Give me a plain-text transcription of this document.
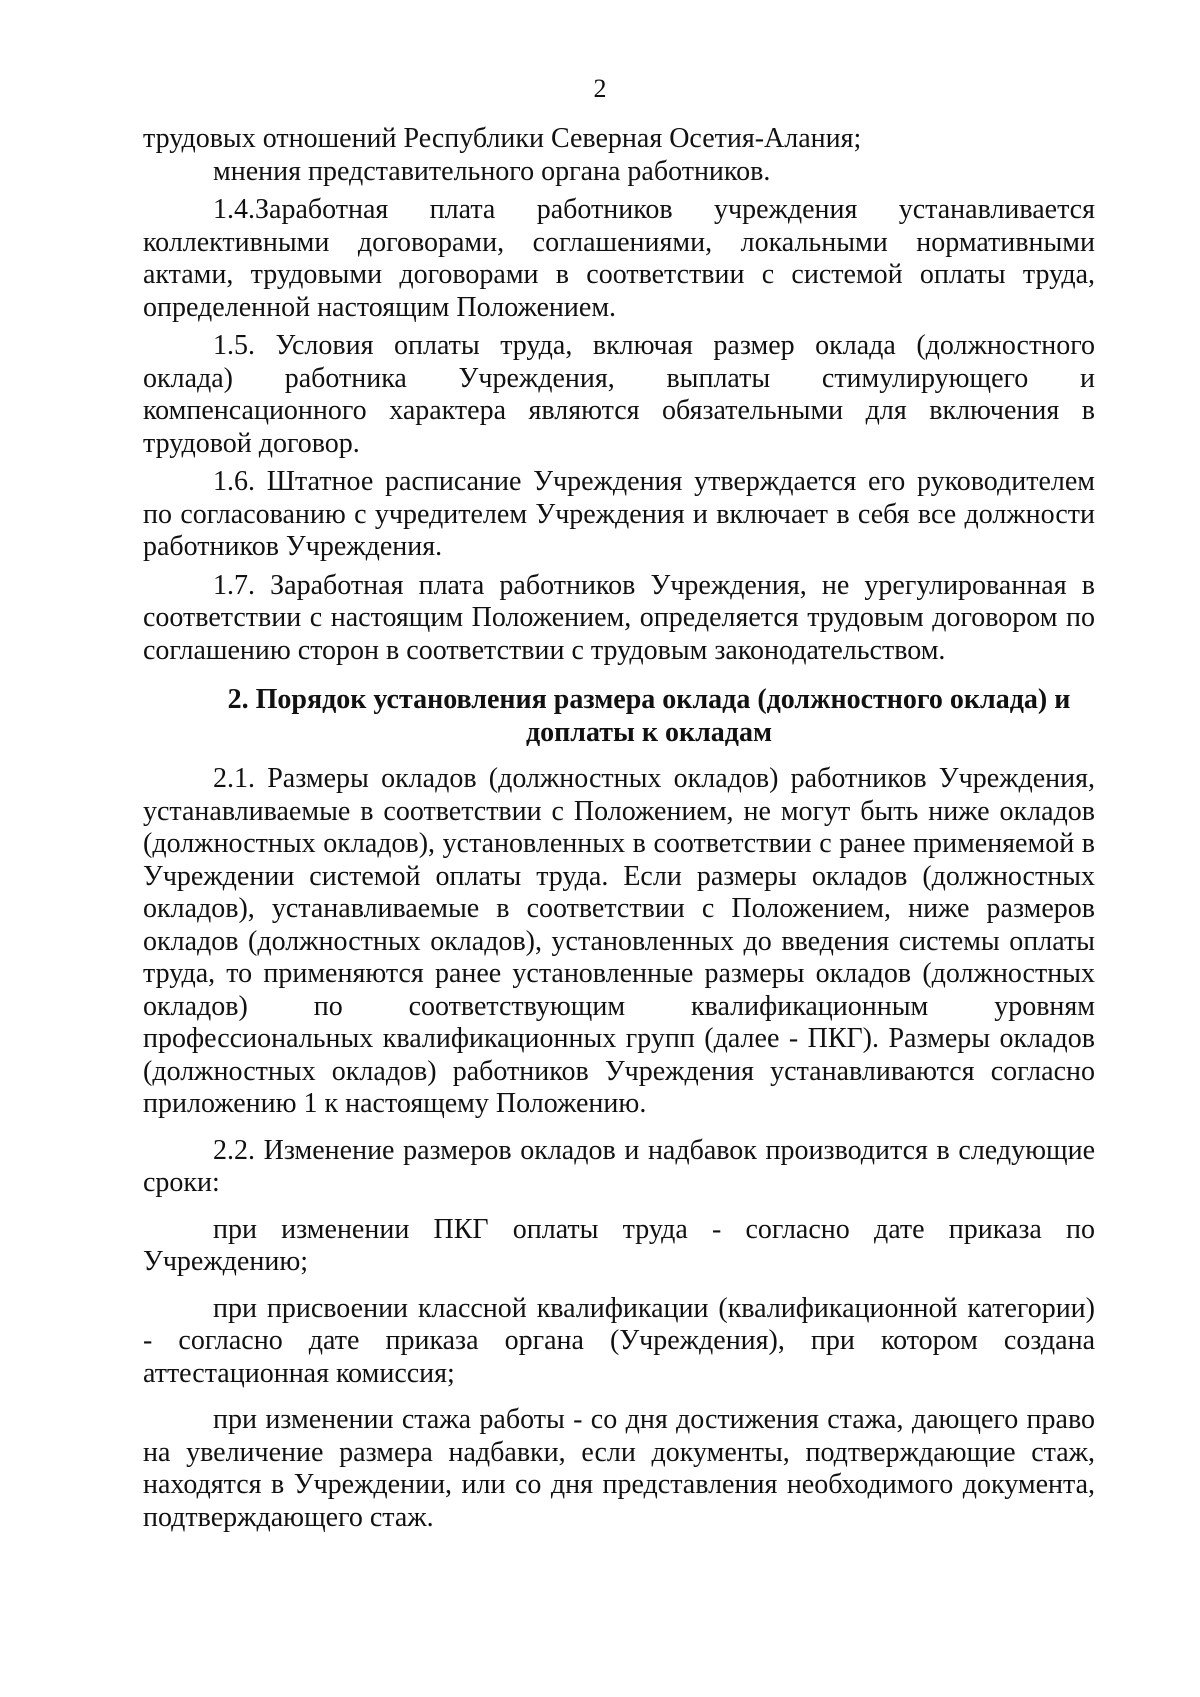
2

трудовых отношений Республики Северная Осетия-Алания;

мнения представительного органа работников.

1.4.Заработная плата работников учреждения устанавливается коллективными договорами, соглашениями, локальными нормативными актами, трудовыми договорами в соответствии с системой оплаты труда, определенной настоящим Положением.

1.5. Условия оплаты труда, включая размер оклада (должностного оклада) работника Учреждения, выплаты стимулирующего и компенсационного характера являются обязательными для включения в трудовой договор.

1.6. Штатное расписание Учреждения утверждается его руководителем по согласованию с учредителем Учреждения и включает в себя все должности работников Учреждения.

1.7. Заработная плата работников Учреждения, не урегулированная в соответствии с настоящим Положением, определяется трудовым договором по соглашению сторон в соответствии с трудовым законодательством.

2. Порядок установления размера оклада (должностного оклада) и доплаты к окладам

2.1. Размеры окладов (должностных окладов) работников Учреждения, устанавливаемые в соответствии с Положением, не могут быть ниже окладов (должностных окладов), установленных в соответствии с ранее применяемой в Учреждении системой оплаты труда. Если размеры окладов (должностных окладов), устанавливаемые в соответствии с Положением, ниже размеров окладов (должностных окладов), установленных до введения системы оплаты труда, то применяются ранее установленные размеры окладов (должностных окладов) по соответствующим квалификационным уровням профессиональных квалификационных групп (далее - ПКГ). Размеры окладов (должностных окладов) работников Учреждения устанавливаются согласно приложению 1 к настоящему Положению.

2.2. Изменение размеров окладов и надбавок производится в следующие сроки:

при изменении ПКГ оплаты труда - согласно дате приказа по Учреждению;

при присвоении классной квалификации (квалификационной категории) - согласно дате приказа органа (Учреждения), при котором создана аттестационная комиссия;

при изменении стажа работы - со дня достижения стажа, дающего право на увеличение размера надбавки, если документы, подтверждающие стаж, находятся в Учреждении, или со дня представления необходимого документа, подтверждающего стаж.
